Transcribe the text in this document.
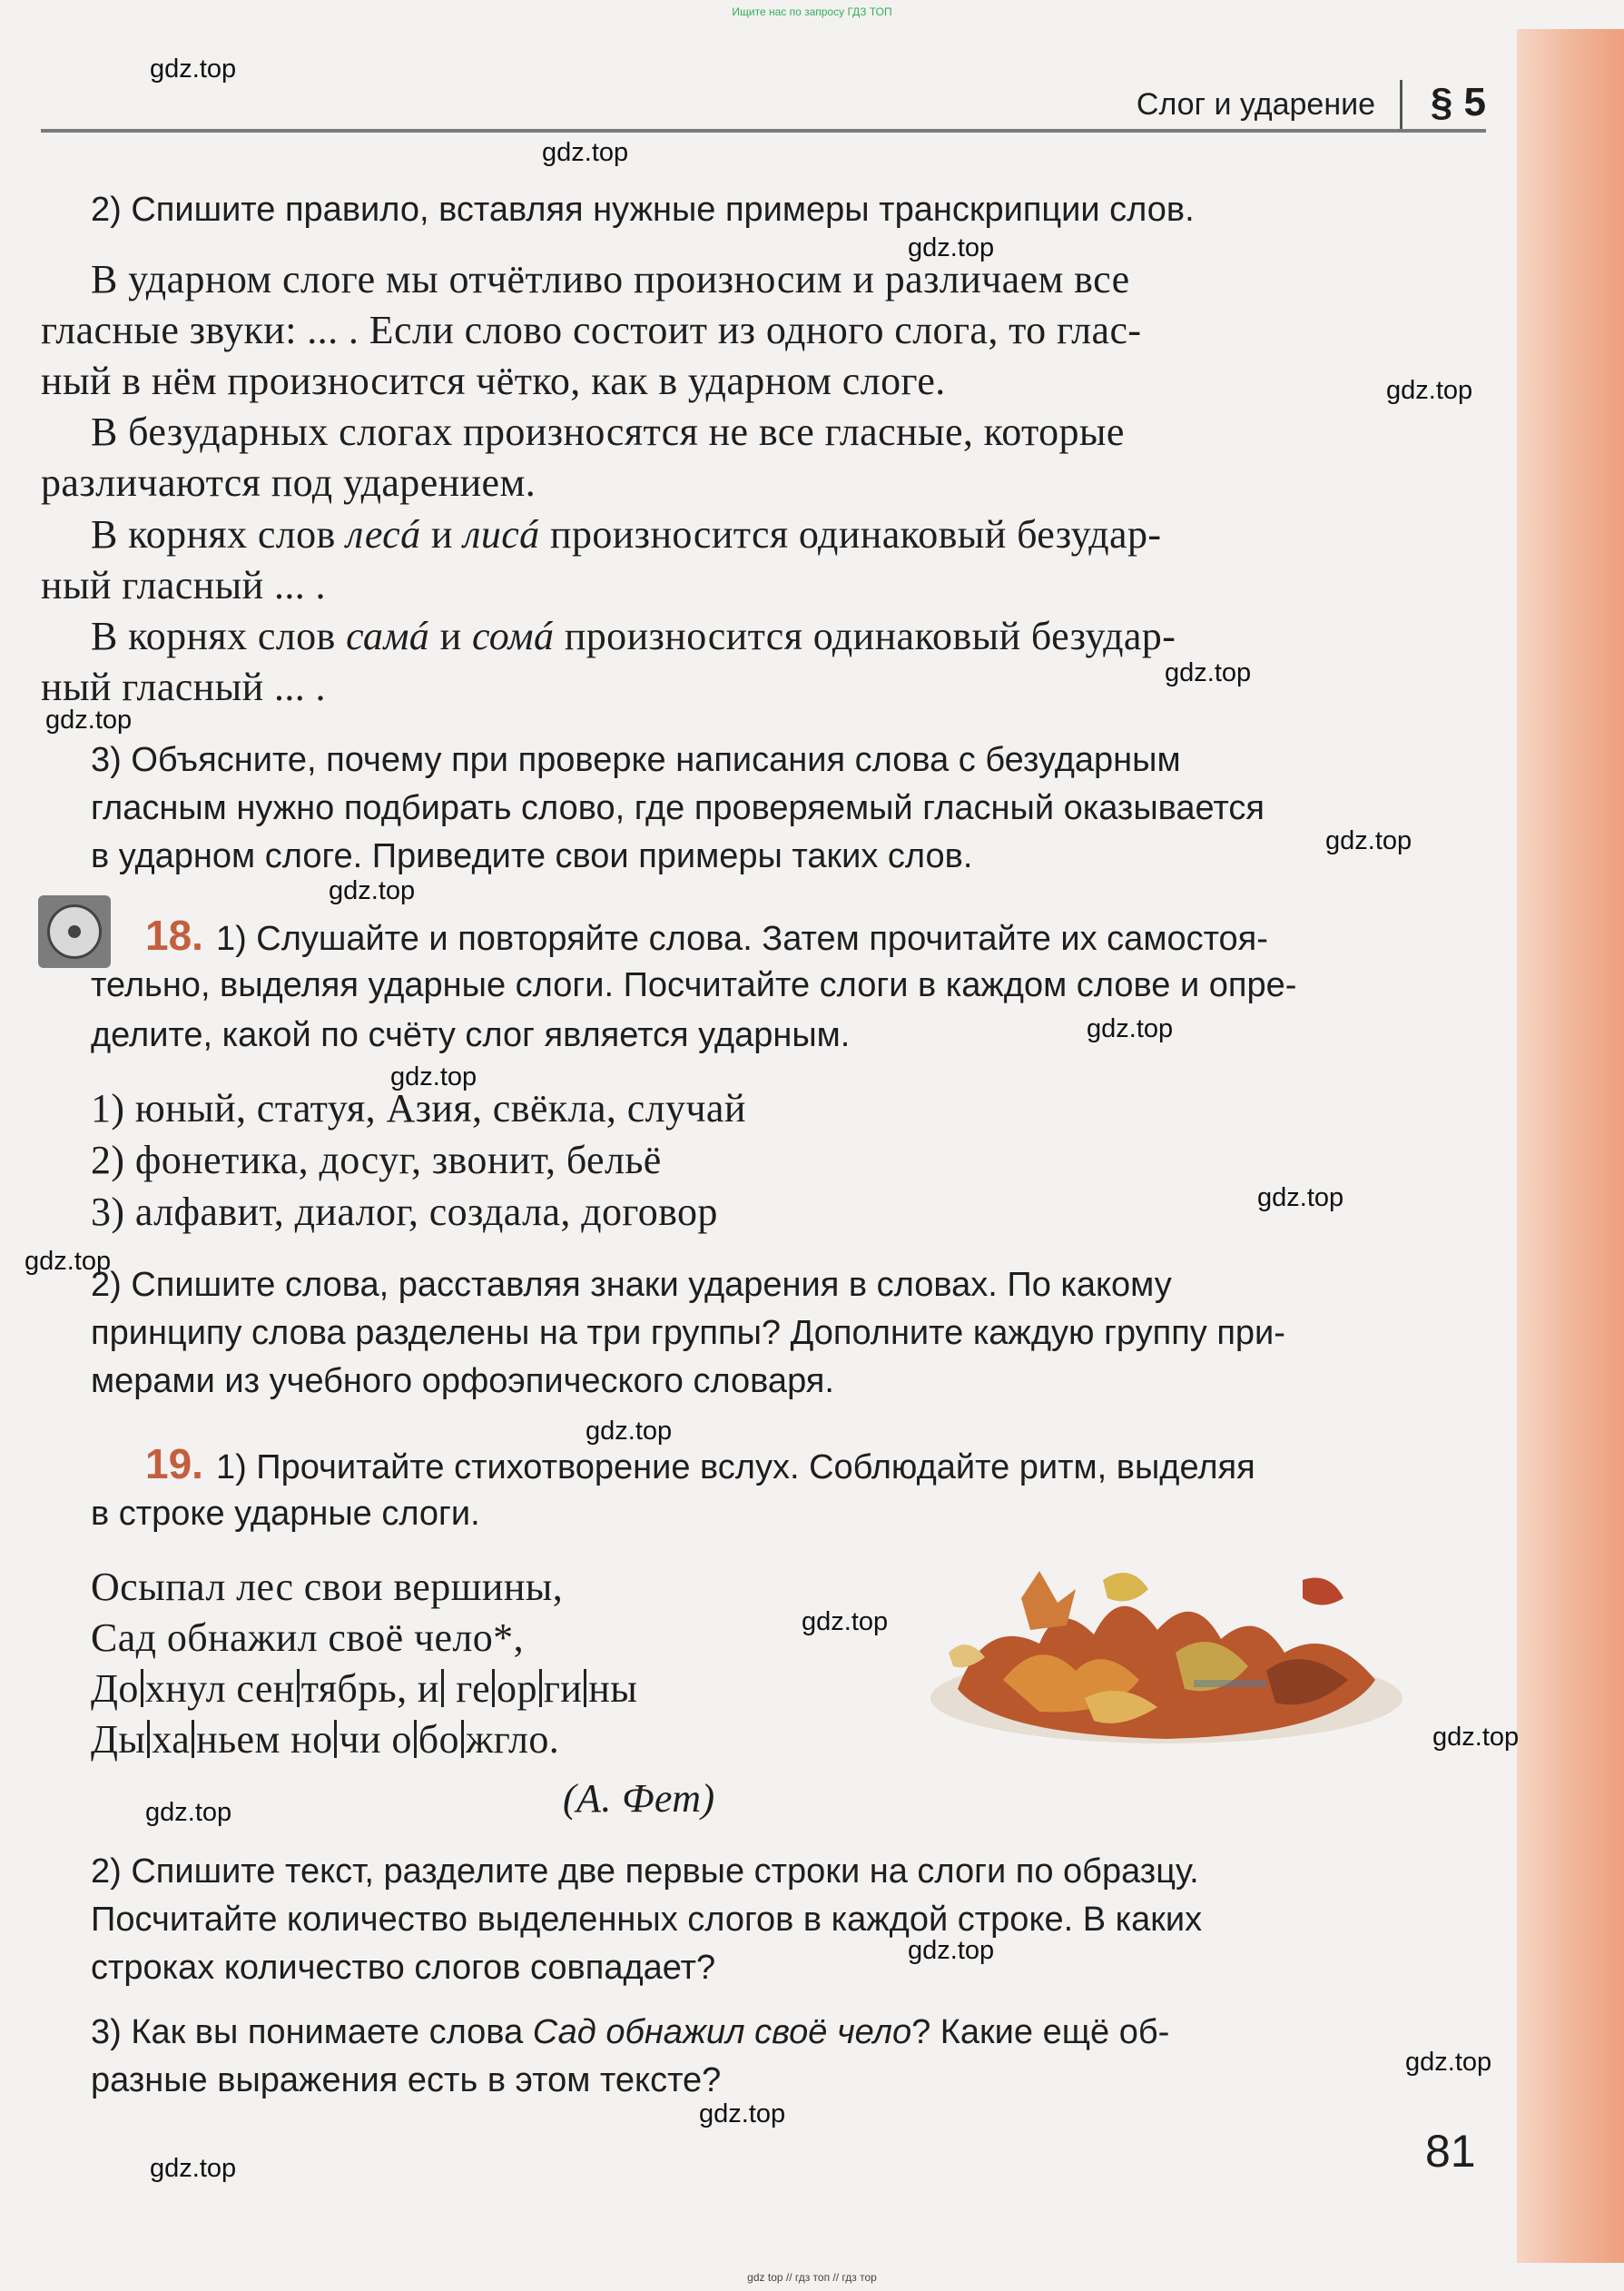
Ищите нас по запросу ГДЗ ТОП
Слог и ударение § 5
gdz.top
gdz.top
gdz.top
gdz.top
gdz.top
gdz.top
gdz.top
gdz.top
gdz.top
gdz.top
gdz.top
gdz.top
gdz.top
gdz.top
gdz.top
gdz.top
gdz.top
gdz.top
gdz.top
gdz.top
2) Спишите правило, вставляя нужные примеры транскрипции слов.
В ударном слоге мы отчётливо произносим и различаем все
гласные звуки: ... . Если слово состоит из одного слога, то глас-
ный в нём произносится чётко, как в ударном слоге.
В безударных слогах произносятся не все гласные, которые
различаются под ударением.
В корнях слов лесá и лисá произносится одинаковый безудар-
ный гласный ... .
В корнях слов самá и сомá произносится одинаковый безудар-
ный гласный ... .
3) Объясните, почему при проверке написания слова с безударным
гласным нужно подбирать слово, где проверяемый гласный оказывается
в ударном слоге. Приведите свои примеры таких слов.
18. 1) Слушайте и повторяйте слова. Затем прочитайте их самостоя-
тельно, выделяя ударные слоги. Посчитайте слоги в каждом слове и опре-
делите, какой по счёту слог является ударным.
1) юный, статуя, Азия, свёкла, случай
2) фонетика, досуг, звонит, бельё
3) алфавит, диалог, создала, договор
2) Спишите слова, расставляя знаки ударения в словах. По какому
принципу слова разделены на три группы? Дополните каждую группу при-
мерами из учебного орфоэпического словаря.
19. 1) Прочитайте стихотворение вслух. Соблюдайте ритм, выделяя
в строке ударные слоги.
Осыпал лес свои вершины,
Сад обнажил своё чело*,
До хнул сен тябрь, и ге ор ги ны
Ды ха ньем но чи о бо жгло.
(А. Фет)
2) Спишите текст, разделите две первые строки на слоги по образцу.
Посчитайте количество выделенных слогов в каждой строке. В каких
строках количество слогов совпадает?
3) Как вы понимаете слова Сад обнажил своё чело? Какие ещё об-
разные выражения есть в этом тексте?
81
gdz top // гдз топ // гдз тор
